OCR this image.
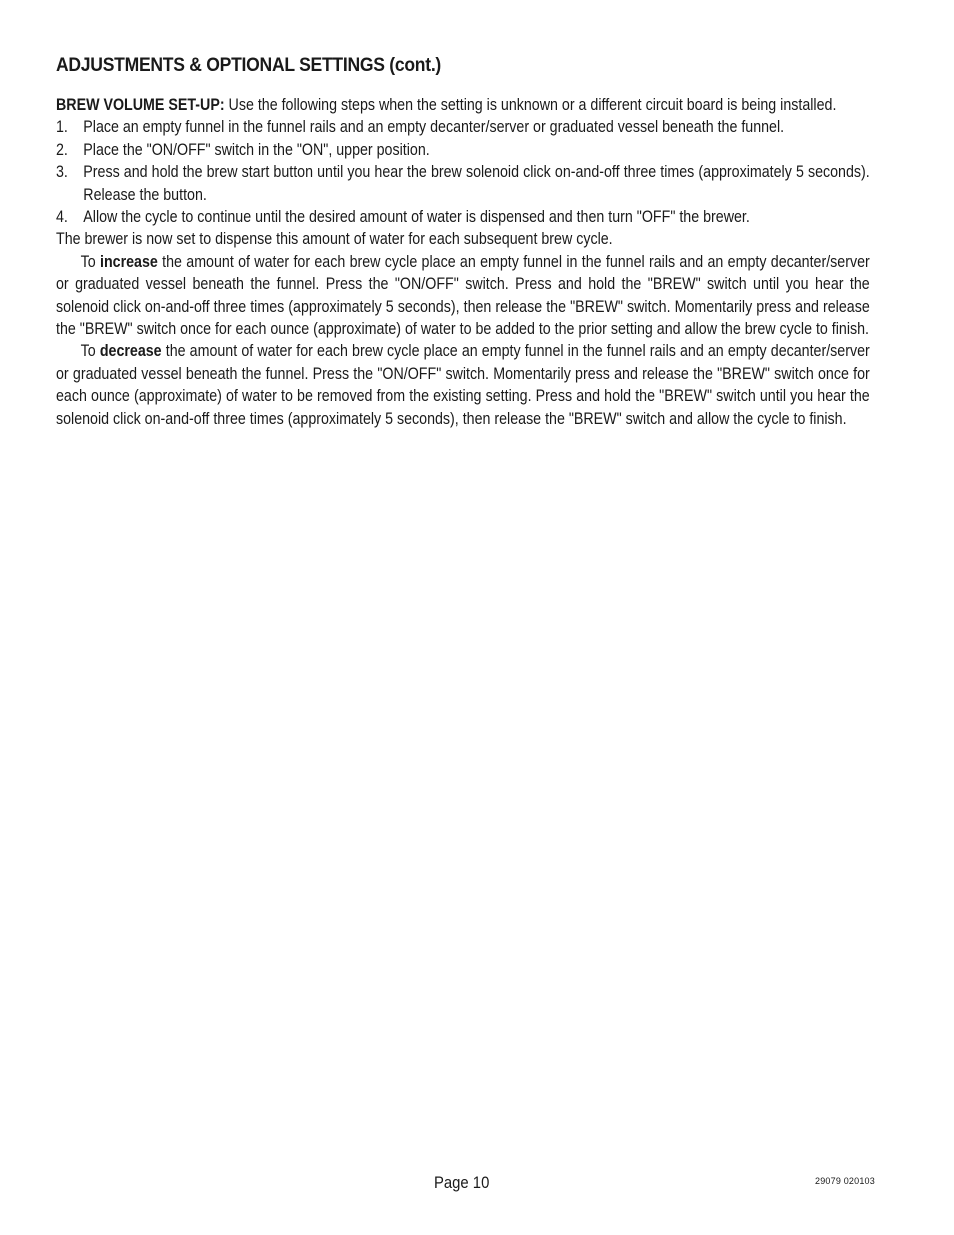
ADJUSTMENTS & OPTIONAL SETTINGS (cont.)

BREW VOLUME SET-UP: Use the following steps when the setting is unknown or a different circuit board is being installed.

1. Place an empty funnel in the funnel rails and an empty decanter/server or graduated vessel beneath the funnel.
2. Place the "ON/OFF" switch in the "ON", upper position.
3. Press and hold the brew start button until you hear the brew solenoid click on-and-off three times (approximately 5 seconds). Release the button.
4. Allow the cycle to continue until the desired amount of water is dispensed and then turn "OFF" the brewer.

The brewer is now set to dispense this amount of water for each subsequent brew cycle.

To increase the amount of water for each brew cycle place an empty funnel in the funnel rails and an empty decanter/server or graduated vessel beneath the funnel. Press the "ON/OFF" switch. Press and hold the "BREW" switch until you hear the solenoid click on-and-off three times (approximately 5 seconds), then release the "BREW" switch. Momentarily press and release the "BREW" switch once for each ounce (approximate) of water to be added to the prior setting and allow the brew cycle to finish.

To decrease the amount of water for each brew cycle place an empty funnel in the funnel rails and an empty decanter/server or graduated vessel beneath the funnel. Press the "ON/OFF" switch. Momentarily press and release the "BREW" switch once for each ounce (approximate) of water to be removed from the existing setting. Press and hold the "BREW" switch until you hear the solenoid click on-and-off three times (approximately 5 seconds), then release the "BREW" switch and allow the cycle to finish.

Page 10	29079 020103
